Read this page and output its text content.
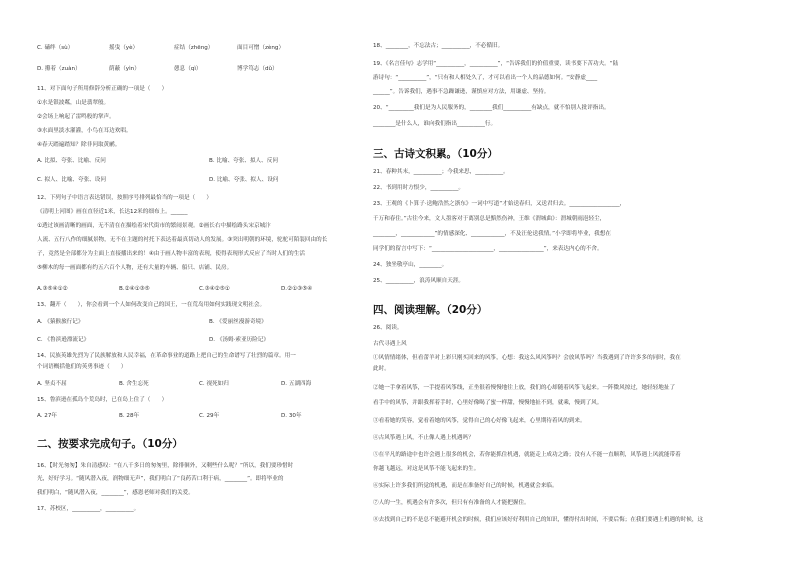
C. 磕绊（sù）	摇曳（yè）	症结（zhēng）	面目可憎（zèng）
D. 攥着（zuàn）	荫蔽（yìn）	憩息（qì）	博学笃志（dǔ）
11、对下面句子所用修辞分析正确的一项是（　　）
①水是银波粼，山是翡翠般。
②会场上响起了雷鸣般的掌声。
③水面里淡水灌灌，小鸟在耳边欢唱。
④春天踏遍踏知？除非问取黄鹂。
A. 比拟、夸张、比喻、反问	B. 比喻、夸张、拟人、反问
C. 拟人、比喻、夸张、设问	D. 比喻、夸张、拟人、设问
12、下列句子中语言表达错误，按照序号排列最恰当的一项是（　　）
《清明上河图》画在直径近1米，长达12米的细布上。______
①透过该画清晰的画面，无不清在在描绘着宋代街市的繁闹景观。②画长右中描绘路头宋京城汴
人流、五行八作的细腻景物，无不在主题的衬托下表达着最真切动人的发展。③突出明朝的环境，驼驼可陌装回由的长
子，竟然是全部都分为主面上直接播出来的！④由于画人物丰富的表现，使得表现形式反应了当时人们的生活
⑤柳木的每一画面都有约五六百个人物，还有大量的车辆、船只、店铺、民房。
A.③⑤④①②	B.②④①③⑤	C.③④②⑤①	D.②①③⑤④
13、翻开（　　），你会看到一个人如何改变自己的国王，一在荒岛用如何实践现文明社会。
A. 《猿猴旅行记》	B. 《爱丽丝漫游奇境》
C. 《鲁滨逊漂流记》	D. 《汤姆·索亚历险记》
14、民族英雄先烈为了民族解放和人民幸福，在革命事业的道路上把自己的生命谱写了壮烈的篇章。用一
个词语概括他们的英勇事迹（　　）
A. 坚贞不屈	B. 舍生忘死	C. 视死如归	D. 五湖四海
15、鲁滨逊在孤岛个荒岛时，已在岛上住了（　　）
A. 27年	B. 28年	C. 29年	D. 30年
二、按要求完成句子。（10分）
16、【时光匆匆】朱自清感叹：“在八千多日的匆匆里，除徘徊外，又剩些什么呢？”所以，我们要珍惜时
光，好好学习。“随风潜入夜，润物细无声”，我们明白了“良药苦口利于病，________”。即将毕业的
我们明白，“随风潜入夜，________”，感恩老师对我们的关爱。
17、苏校区，__________，__________。
18、________，不忘法古；__________，不必循旧。
19、《名言佳句》志学用“__________，__________”，“告诉我们的价值重要，读书要下苦功夫。“陆
游诗句：“__________”，“只有和人相处久了，才可以看出一个人的品德如何。“安静虚____
______”。告诉我们，遇事不急躁谦逊，谨慎应对方法，用谦虚、坚持。
20、“_________我们是为人民服务的，________我们__________有缺点，就不怕别人批评指出。
________是什么人，谁向我们指出__________行。
三、古诗文积累。（10分）
21、春种其末，__________；今我来思，__________。
22、书到用时方恨少，__________。
23、王观的《卜算子·送鲍浩然之浙东》一词中写道“才始送春归，又送君归去。__________________，
千万和春住。”古往今来，文人墨客对于离别总是黯然伤神，王维《渭城曲》：渭城朝雨浥轻尘，
________，____________”的情感深化、____________，不及汪伦送我情。”小学即将毕业，我想在
同学们的留言中写下：“______________________，________________”，来表达内心的不舍。
24、独坐敬亭山，________。
25、__________，浪涛风顺自天涯。
四、阅读理解。（20分）
26、阅读。
古代寻遇上风
①风情情绪体，但看蕾羊对上彩只刚买回来的风筝，心想：我这么风风筝吗？会放风筝吗？当我遇到了许许多多的同时，我在
此时。
②她一手拿着风筝，一手提着风筝线，正坐很着慢慢地往上放，我们的心却随着风筝飞起来。一阵微风掠过，她轻轻地扯了
看手中的风筝，并跟我挥着手时，心里好像喝了蜜一样甜，慢慢地扯不到，就乘，慢到了风。
③看着她的笑容，觉看着她的风筝，觉得自己的心好像飞起来，心里期待着风的到来。
④古风筝遇上风，不止像人遇上机遇吗？
⑤在平凡的路途中也许会遇上很多的机会，若你能抓住机遇，就能走上成功之路；没有人不能一直顺利，风筝遇上风就能带着
你越飞越远，对这是风筝不能飞起来的生。
⑥实际上许多我们所觉的机遇，而是在准备好自己的时候，机遇就会来临。
⑦人的一生，机遇会有许多次，但只有有准备的人才能把握住。
⑧去找到自己的不是总不能避开机会的时候，我们应该好好利用自己的知识，懂得付出时间，不要后悔；在我们要遇上机遇的时候，这
